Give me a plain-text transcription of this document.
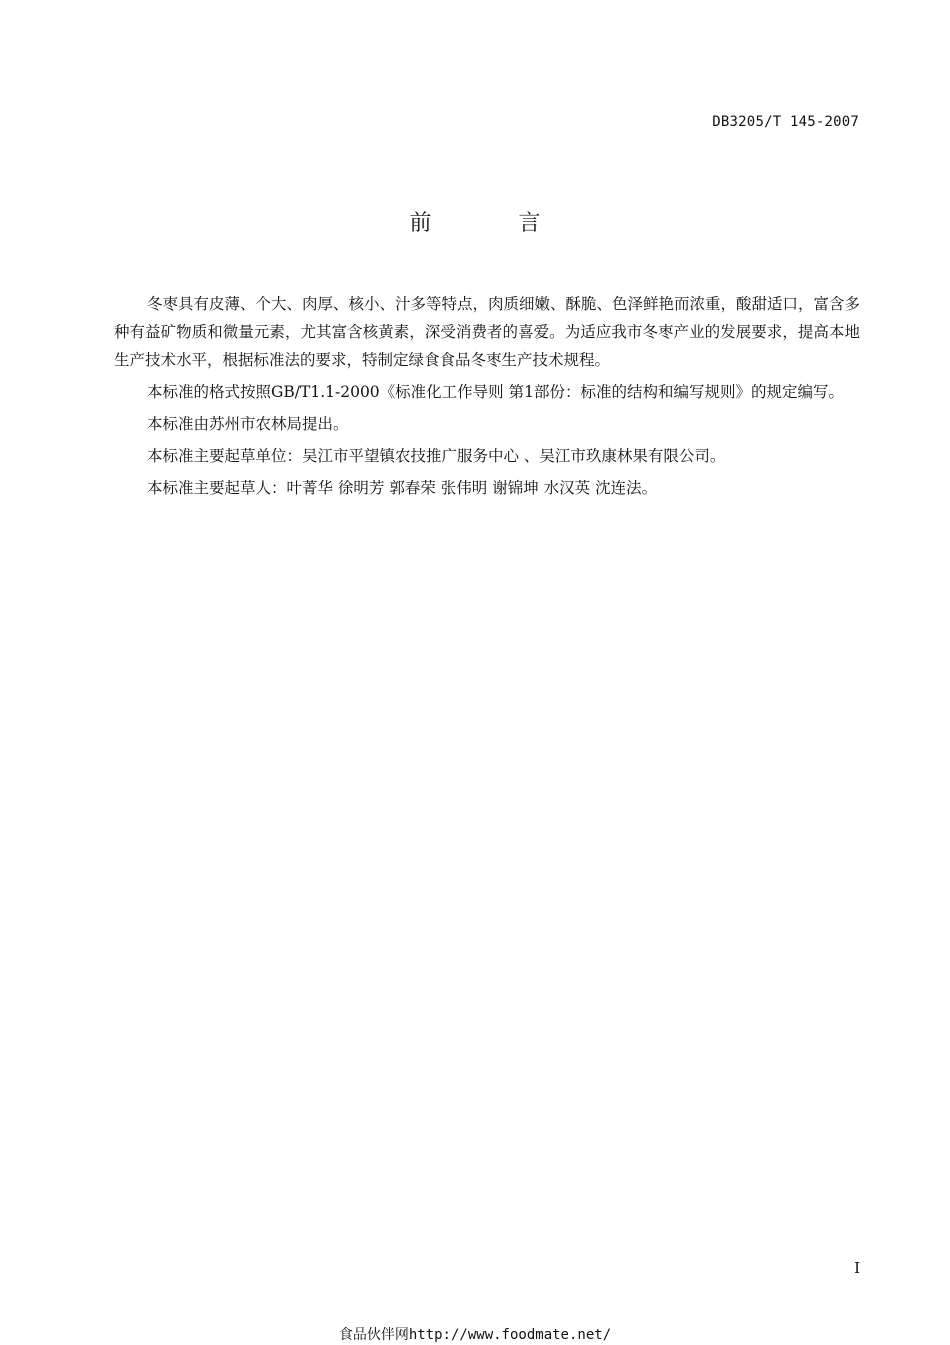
DB3205/T 145-2007
前 言

冬枣具有皮薄、个大、肉厚、核小、汁多等特点，肉质细嫩、酥脆、色泽鲜艳而浓重，酸甜适口，富含多种有益矿物质和微量元素，尤其富含核黄素，深受消费者的喜爱。为适应我市冬枣产业的发展要求，提高本地生产技术水平，根据标准法的要求，特制定绿食食品冬枣生产技术规程。

本标准的格式按照GB/T1.1-2000《标准化工作导则 第1部份：标准的结构和编写规则》的规定编写。

本标准由苏州市农林局提出。

本标准主要起草单位：吴江市平望镇农技推广服务中心 、吴江市玖康林果有限公司。

本标准主要起草人：叶菁华 徐明芳 郭春荣 张伟明 谢锦坤 水汉英 沈连法。

I
食品伙伴网http://www.foodmate.net/
